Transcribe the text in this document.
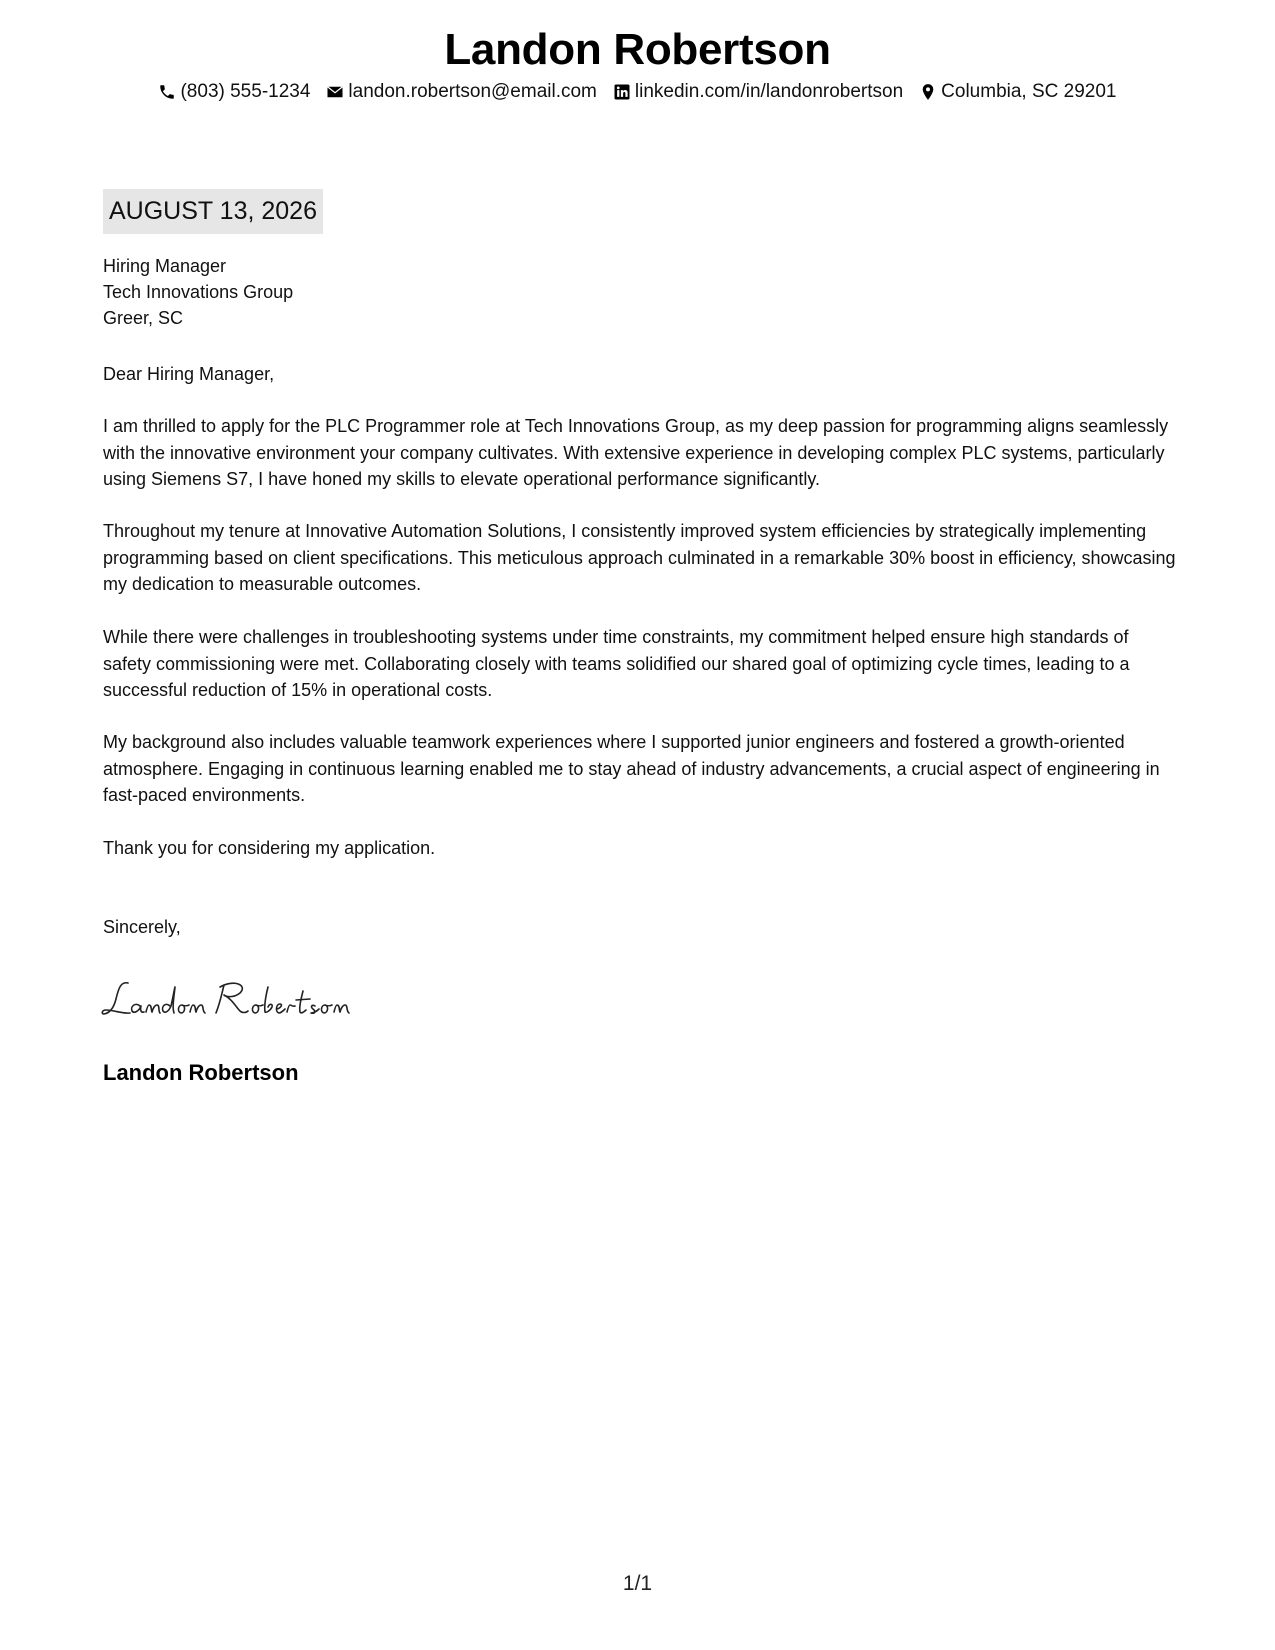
Landon Robertson
(803) 555-1234 landon.robertson@email.com linkedin.com/in/landonrobertson Columbia, SC 29201
AUGUST 13, 2026
Hiring Manager
Tech Innovations Group
Greer, SC
Dear Hiring Manager,
I am thrilled to apply for the PLC Programmer role at Tech Innovations Group, as my deep passion for programming aligns seamlessly with the innovative environment your company cultivates. With extensive experience in developing complex PLC systems, particularly using Siemens S7, I have honed my skills to elevate operational performance significantly.
Throughout my tenure at Innovative Automation Solutions, I consistently improved system efficiencies by strategically implementing programming based on client specifications. This meticulous approach culminated in a remarkable 30% boost in efficiency, showcasing my dedication to measurable outcomes.
While there were challenges in troubleshooting systems under time constraints, my commitment helped ensure high standards of safety commissioning were met. Collaborating closely with teams solidified our shared goal of optimizing cycle times, leading to a successful reduction of 15% in operational costs.
My background also includes valuable teamwork experiences where I supported junior engineers and fostered a growth-oriented atmosphere. Engaging in continuous learning enabled me to stay ahead of industry advancements, a crucial aspect of engineering in fast-paced environments.
Thank you for considering my application.
Sincerely,
Landon Robertson
1/1
